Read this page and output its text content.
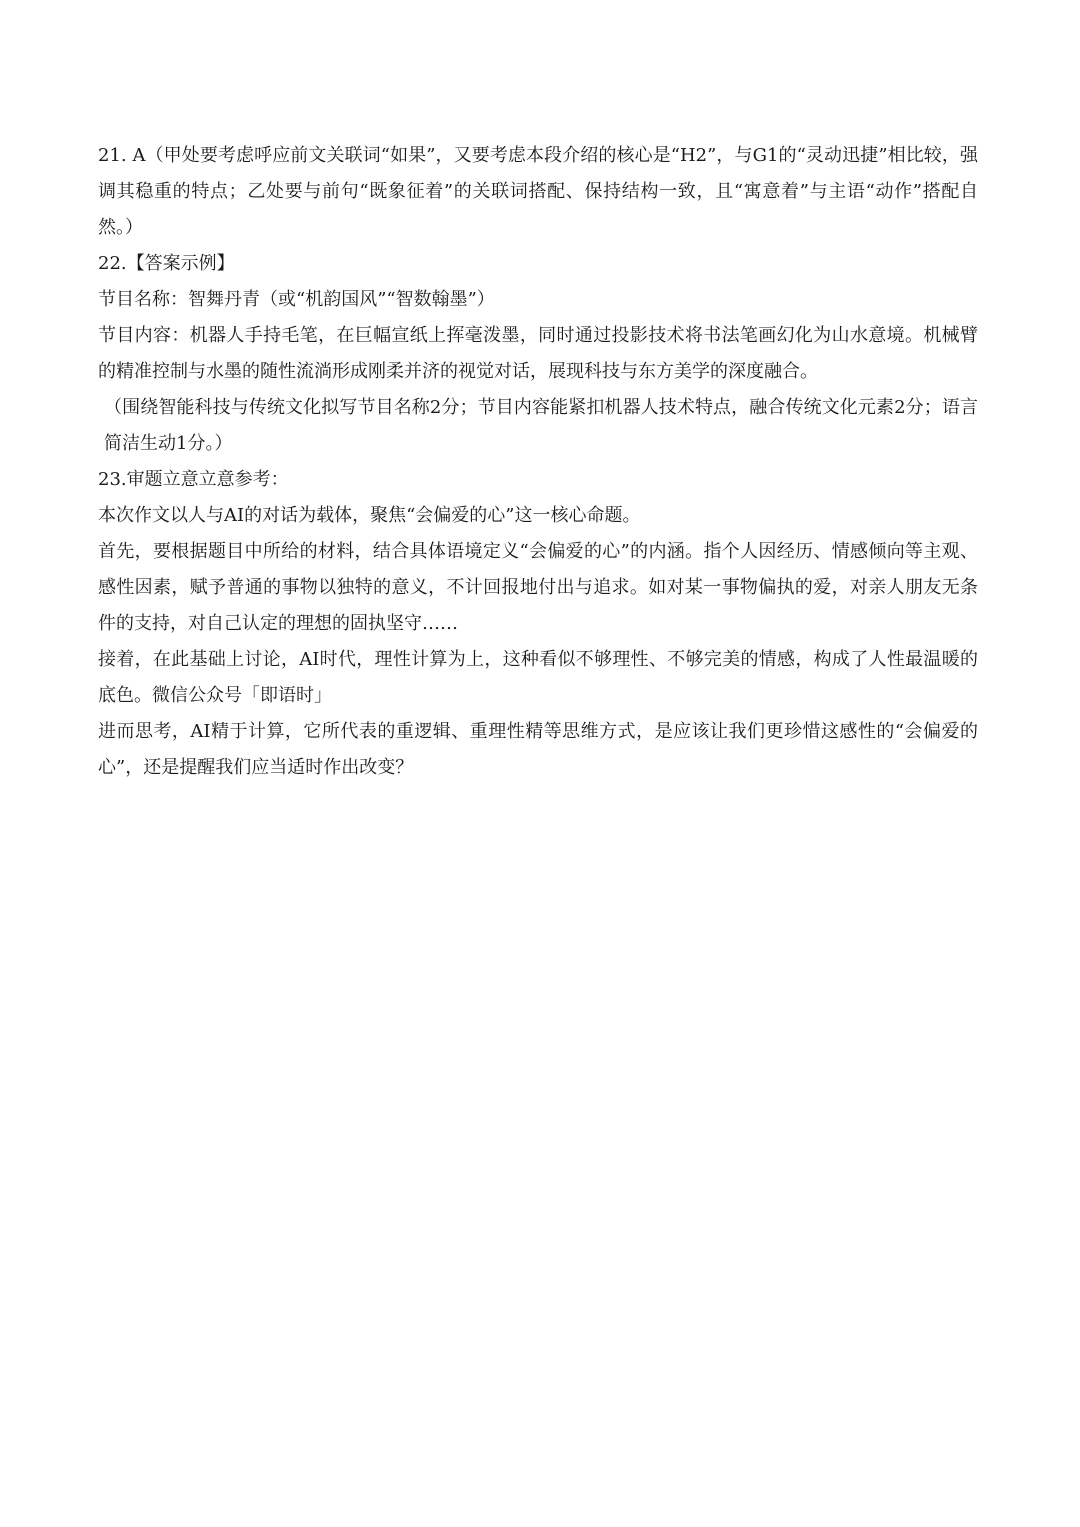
21. A（甲处要考虑呼应前文关联词“如果”，又要考虑本段介绍的核心是“H2”，与G1的“灵动迅捷”相比较，强调其稳重的特点；乙处要与前句“既象征着”的关联词搭配、保持结构一致，且“寓意着”与主语“动作”搭配自然。）

22.【答案示例】

节目名称：智舞丹青（或“机韵国风”“智数翰墨”）

节目内容：机器人手持毛笔，在巨幅宣纸上挥毫泼墨，同时通过投影技术将书法笔画幻化为山水意境。机械臂的精准控制与水墨的随性流淌形成刚柔并济的视觉对话，展现科技与东方美学的深度融合。

（围绕智能科技与传统文化拟写节目名称2分；节目内容能紧扣机器人技术特点，融合传统文化元素2分；语言简洁生动1分。）

23.审题立意立意参考：

本次作文以人与AI的对话为载体，聚焦“会偏爱的心”这一核心命题。

首先，要根据题目中所给的材料，结合具体语境定义“会偏爱的心”的内涵。指个人因经历、情感倾向等主观、感性因素，赋予普通的事物以独特的意义，不计回报地付出与追求。如对某一事物偏执的爱，对亲人朋友无条件的支持，对自己认定的理想的固执坚守……

接着，在此基础上讨论，AI时代，理性计算为上，这种看似不够理性、不够完美的情感，构成了人性最温暖的底色。微信公众号「即语时」

进而思考，AI精于计算，它所代表的重逻辑、重理性精等思维方式，是应该让我们更珍惜这感性的“会偏爱的心”，还是提醒我们应当适时作出改变？
